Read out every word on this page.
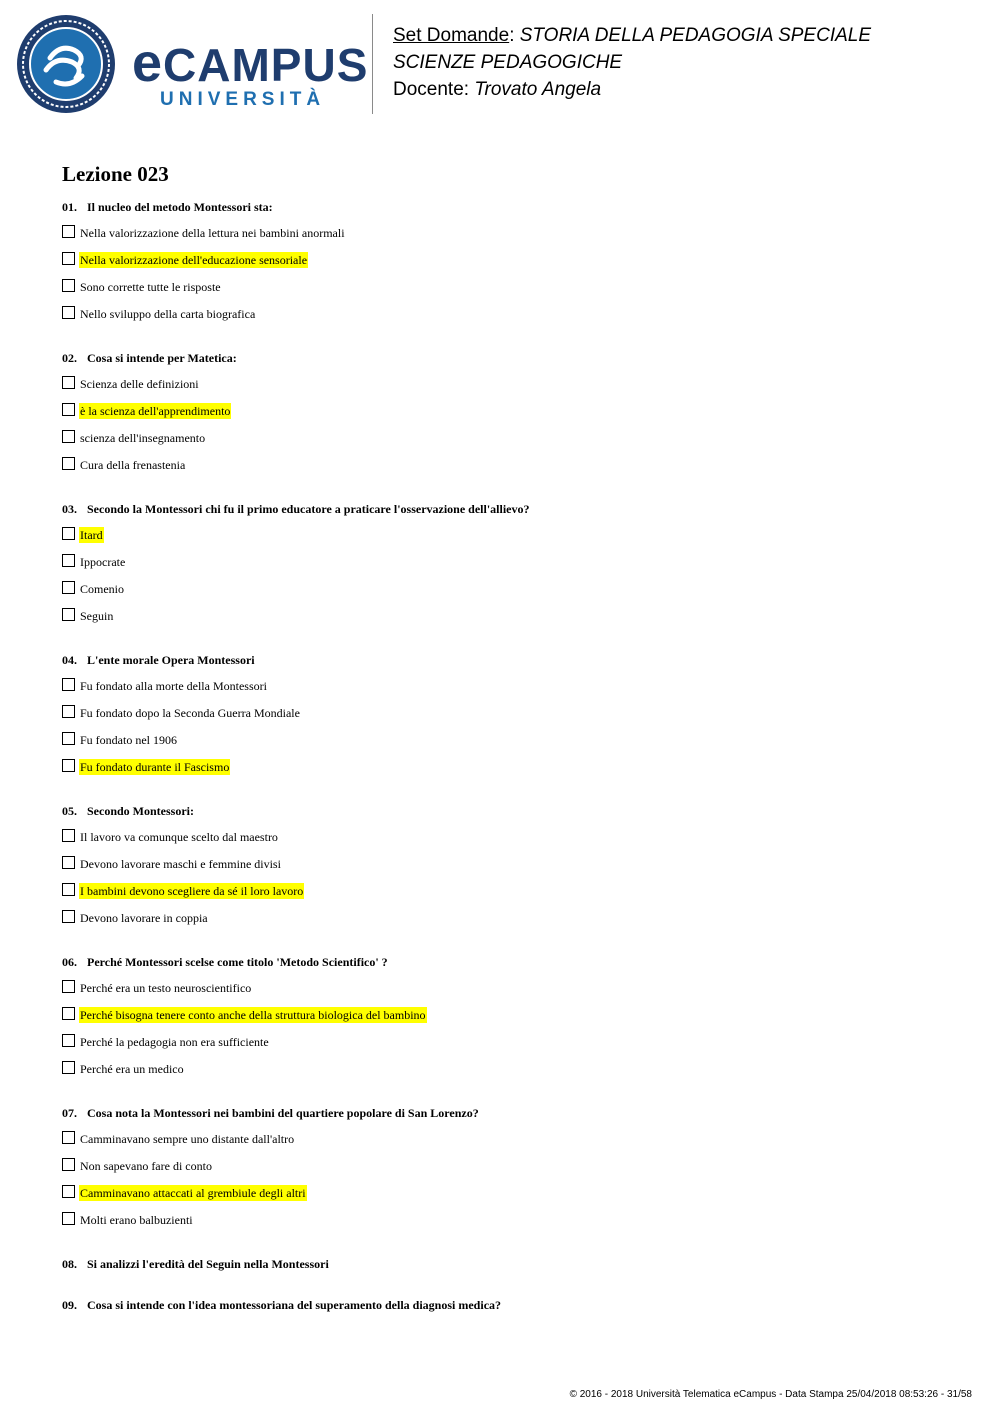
eCAMPUS
UNIVERSITÀ
Set Domande: STORIA DELLA PEDAGOGIA SPECIALE
SCIENZE PEDAGOGICHE
Docente: Trovato Angela
Lezione 023
01. Il nucleo del metodo Montessori sta:
Nella valorizzazione della lettura nei bambini anormali
Nella valorizzazione dell'educazione sensoriale
Sono corrette tutte le risposte
Nello sviluppo della carta biografica
02. Cosa si intende per Matetica:
Scienza delle definizioni
è la scienza dell'apprendimento
scienza dell'insegnamento
Cura della frenastenia
03. Secondo la Montessori chi fu il primo educatore a praticare l'osservazione dell'allievo?
Itard
Ippocrate
Comenio
Seguin
04. L'ente morale Opera Montessori
Fu fondato alla morte della Montessori
Fu fondato dopo la Seconda Guerra Mondiale
Fu fondato nel 1906
Fu fondato durante il Fascismo
05. Secondo Montessori:
Il lavoro va comunque scelto dal maestro
Devono lavorare maschi e femmine divisi
I bambini devono scegliere da sé il loro lavoro
Devono lavorare in coppia
06. Perché Montessori scelse come titolo 'Metodo Scientifico' ?
Perché era un testo neuroscientifico
Perché bisogna tenere conto anche della struttura biologica del bambino
Perché la pedagogia non era sufficiente
Perché era un medico
07. Cosa nota la Montessori nei bambini del quartiere popolare di San Lorenzo?
Camminavano sempre uno distante dall'altro
Non sapevano fare di conto
Camminavano attaccati al grembiule degli altri
Molti erano balbuzienti
08. Si analizzi l'eredità del Seguin nella Montessori
09. Cosa si intende con l'idea montessoriana del superamento della diagnosi medica?
© 2016 - 2018 Università Telematica eCampus - Data Stampa 25/04/2018 08:53:26 - 31/58
